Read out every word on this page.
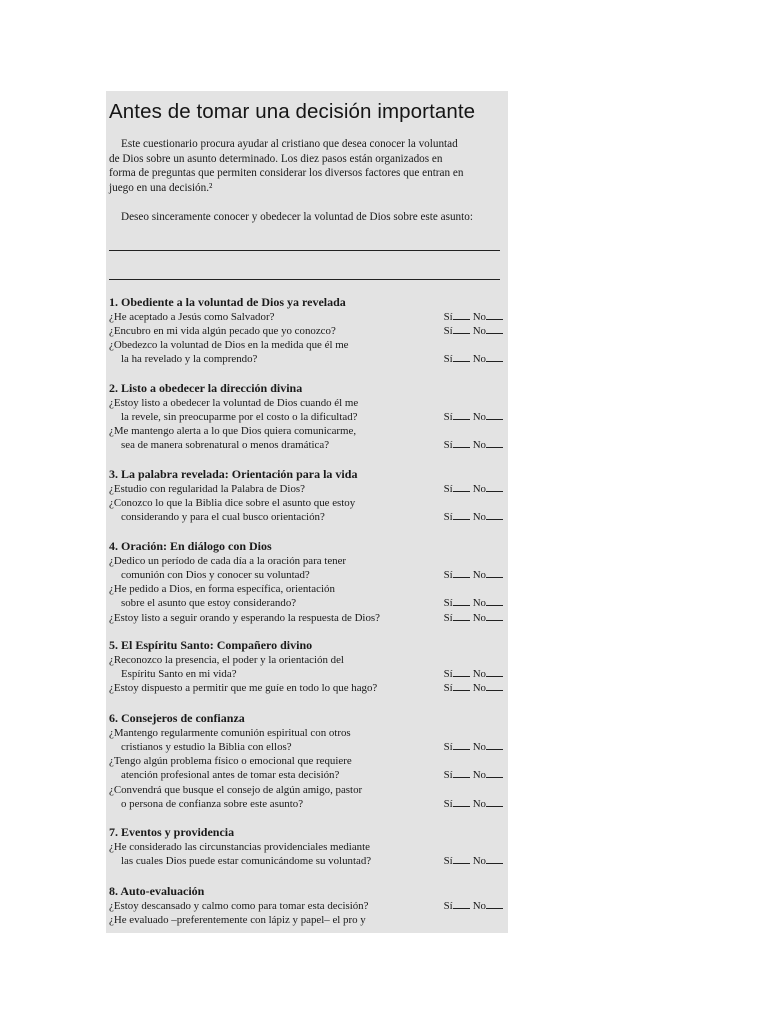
Antes de tomar una decisión importante
Este cuestionario procura ayudar al cristiano que desea conocer la voluntad
de Dios sobre un asunto determinado. Los diez pasos están organizados en
forma de preguntas que permiten considerar los diversos factores que entran en
juego en una decisión.²
Deseo sinceramente conocer y obedecer la voluntad de Dios sobre este asunto:
1. Obediente a la voluntad de Dios ya revelada
¿He aceptado a Jesús como Salvador?	Sí No
¿Encubro en mi vida algún pecado que yo conozco?	Sí No
¿Obedezco la voluntad de Dios en la medida que él me
la ha revelado y la comprendo?	Sí No
2. Listo a obedecer la dirección divina
¿Estoy listo a obedecer la voluntad de Dios cuando él me
la revele, sin preocuparme por el costo o la dificultad?	Sí No
¿Me mantengo alerta a lo que Dios quiera comunicarme,
sea de manera sobrenatural o menos dramática?	Sí No
3. La palabra revelada: Orientación para la vida
¿Estudio con regularidad la Palabra de Dios?	Sí No
¿Conozco lo que la Biblia dice sobre el asunto que estoy
considerando y para el cual busco orientación?	Sí No
4. Oración: En diálogo con Dios
¿Dedico un período de cada día a la oración para tener
comunión con Dios y conocer su voluntad?	Sí No
¿He pedido a Dios, en forma específica, orientación
sobre el asunto que estoy considerando?	Sí No
¿Estoy listo a seguir orando y esperando la respuesta de Dios?	Sí No
5. El Espíritu Santo: Compañero divino
¿Reconozco la presencia, el poder y la orientación del
Espíritu Santo en mi vida?	Sí No
¿Estoy dispuesto a permitir que me guíe en todo lo que hago?	Sí No
6. Consejeros de confianza
¿Mantengo regularmente comunión espiritual con otros
cristianos y estudio la Biblia con ellos?	Sí No
¿Tengo algún problema físico o emocional que requiere
atención profesional antes de tomar esta decisión?	Sí No
¿Convendrá que busque el consejo de algún amigo, pastor
o persona de confianza sobre este asunto?	Sí No
7. Eventos y providencia
¿He considerado las circunstancias providenciales mediante
las cuales Dios puede estar comunicándome su voluntad?	Sí No
8. Auto-evaluación
¿Estoy descansado y calmo como para tomar esta decisión?	Sí No
¿He evaluado –preferentemente con lápiz y papel– el pro y
